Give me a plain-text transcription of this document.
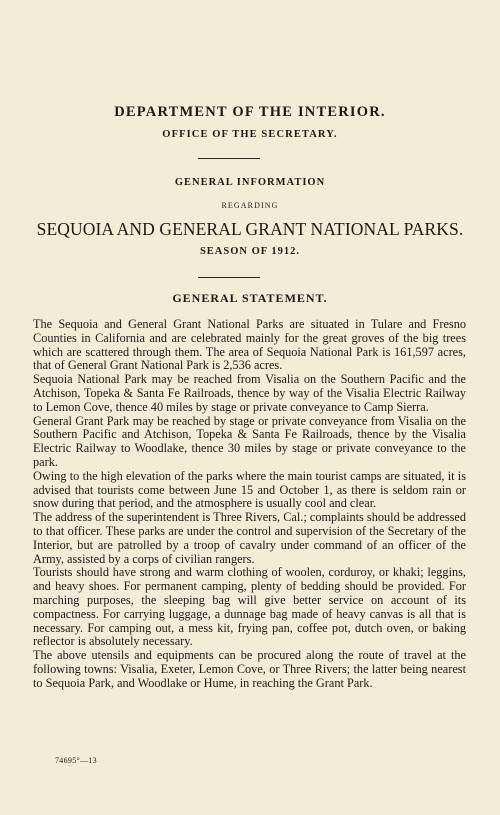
DEPARTMENT OF THE INTERIOR.
OFFICE OF THE SECRETARY.
GENERAL INFORMATION
REGARDING
SEQUOIA AND GENERAL GRANT NATIONAL PARKS.
SEASON OF 1912.
GENERAL STATEMENT.

The Sequoia and General Grant National Parks are situated in Tulare and Fresno Counties in California and are celebrated mainly for the great groves of the big trees which are scattered through them. The area of Sequoia National Park is 161,597 acres, that of General Grant National Park is 2,536 acres.

Sequoia National Park may be reached from Visalia on the Southern Pacific and the Atchison, Topeka & Santa Fe Railroads, thence by way of the Visalia Electric Railway to Lemon Cove, thence 40 miles by stage or private conveyance to Camp Sierra.

General Grant Park may be reached by stage or private conveyance from Visalia on the Southern Pacific and Atchison, Topeka & Santa Fe Railroads, thence by the Visalia Electric Railway to Woodlake, thence 30 miles by stage or private conveyance to the park.

Owing to the high elevation of the parks where the main tourist camps are situated, it is advised that tourists come between June 15 and October 1, as there is seldom rain or snow during that period, and the atmosphere is usually cool and clear.

The address of the superintendent is Three Rivers, Cal.; complaints should be addressed to that officer. These parks are under the control and supervision of the Secretary of the Interior, but are patrolled by a troop of cavalry under command of an officer of the Army, assisted by a corps of civilian rangers.

Tourists should have strong and warm clothing of woolen, corduroy, or khaki; leggins, and heavy shoes. For permanent camping, plenty of bedding should be provided. For marching purposes, the sleeping bag will give better service on account of its compactness. For carrying luggage, a dunnage bag made of heavy canvas is all that is necessary. For camping out, a mess kit, frying pan, coffee pot, dutch oven, or baking reflector is absolutely necessary.

The above utensils and equipments can be procured along the route of travel at the following towns: Visalia, Exeter, Lemon Cove, or Three Rivers; the latter being nearest to Sequoia Park, and Woodlake or Hume, in reaching the Grant Park.

74695°—13
